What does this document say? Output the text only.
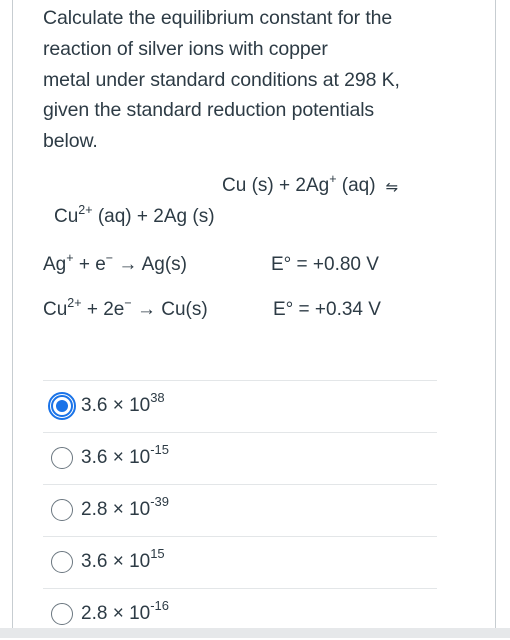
Calculate the equilibrium constant for the
reaction of silver ions with copper
metal under standard conditions at 298 K,
given the standard reduction potentials
below.
Cu (s) + 2Ag+ (aq) ⇋
$Cu^{2+}$ (aq) + 2Ag (s)
Ag+ + e− → Ag(s)	E° = +0.80 V
$Cu^{2+} + 2e^- \to Cu(s)$	E° = +0.34 V
$3.6 \times 10^{38}$
$3.6 \times 10^{-15}$
$2.8 \times 10^{-39}$
$3.6 \times 10^{15}$
$2.8 \times 10^{-16}$
